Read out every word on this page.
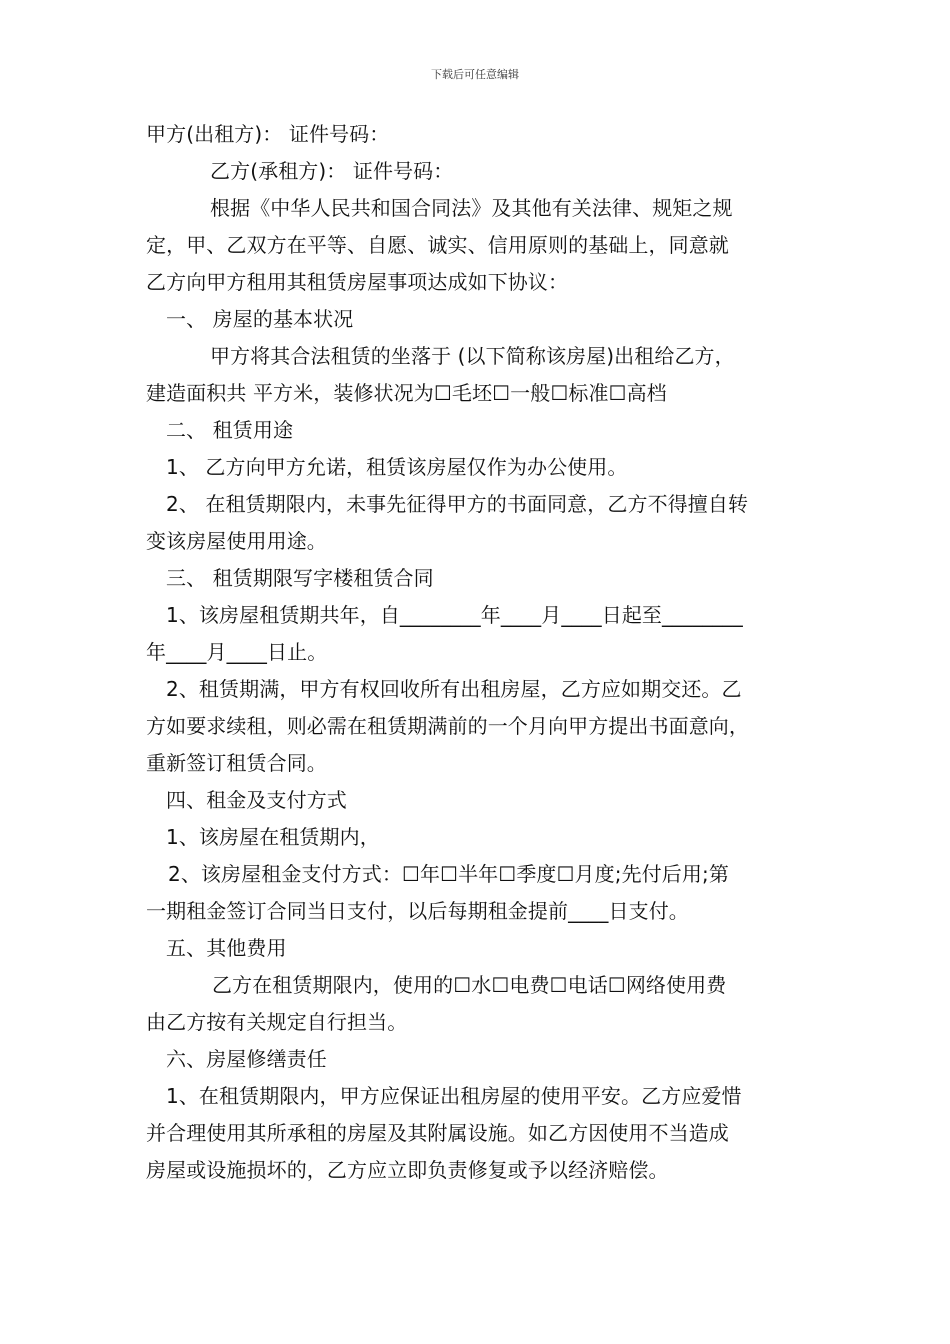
下载后可任意编辑
甲方(出租方)： 证件号码：
乙方(承租方)： 证件号码：
根据《中华人民共和国合同法》及其他有关法律、规矩之规
定，甲、乙双方在平等、自愿、诚实、信用原则的基础上，同意就
乙方向甲方租用其租赁房屋事项达成如下协议：
一、 房屋的基本状况
甲方将其合法租赁的坐落于 (以下简称该房屋)出租给乙方，
建造面积共 平方米，装修状况为☐毛坯☐一般☐标准☐高档
二、 租赁用途
1、 乙方向甲方允诺，租赁该房屋仅作为办公使用。
2、 在租赁期限内，未事先征得甲方的书面同意，乙方不得擅自转
变该房屋使用用途。
三、 租赁期限写字楼租赁合同
1、该房屋租赁期共年，自________年____月____日起至________
年____月____日止。
2、租赁期满，甲方有权回收所有出租房屋，乙方应如期交还。乙
方如要求续租，则必需在租赁期满前的一个月向甲方提出书面意向，
重新签订租赁合同。
四、租金及支付方式
1、该房屋在租赁期内，
2、该房屋租金支付方式：☐年☐半年☐季度☐月度;先付后用;第
一期租金签订合同当日支付，以后每期租金提前____日支付。
五、其他费用
乙方在租赁期限内，使用的☐水☐电费☐电话☐网络使用费
由乙方按有关规定自行担当。
六、房屋修缮责任
1、在租赁期限内，甲方应保证出租房屋的使用平安。乙方应爱惜
并合理使用其所承租的房屋及其附属设施。如乙方因使用不当造成
房屋或设施损坏的，乙方应立即负责修复或予以经济赔偿。
